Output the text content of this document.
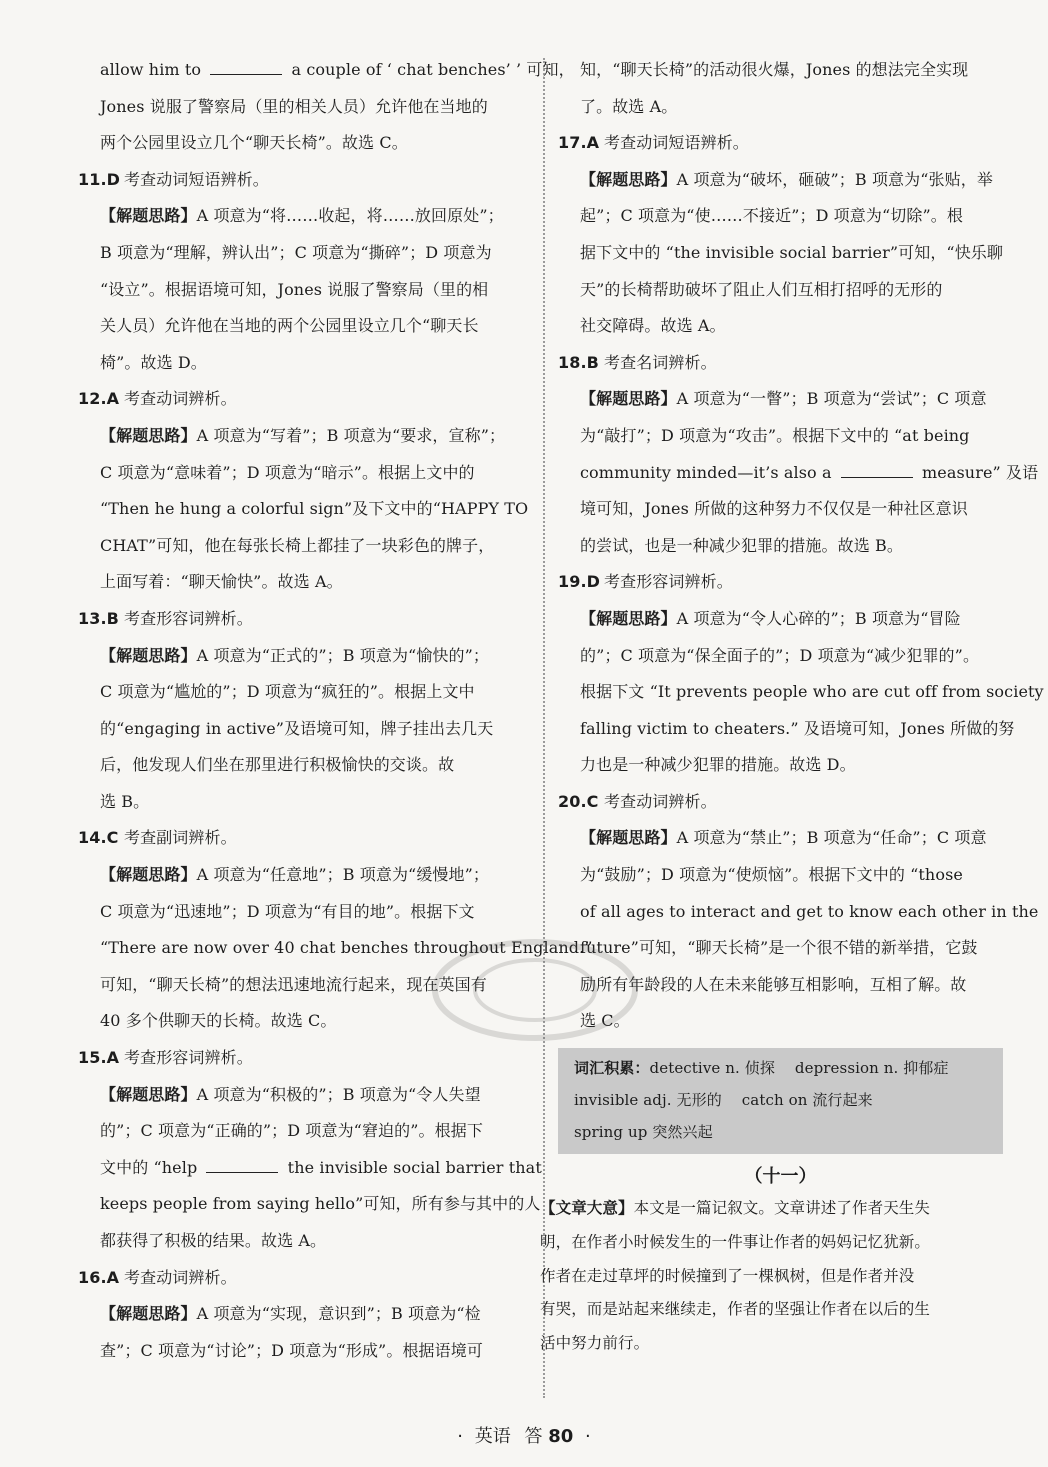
allow him to	a couple of ‘ chat benches’ ’ 可知，
Jones 说服了警察局（里的相关人员）允许他在当地的
两个公园里设立几个“聊天长椅”。故选 C。
11.D 考查动词短语辨析。
【解题思路】A 项意为“将……收起，将……放回原处”；
B 项意为“理解，辨认出”；C 项意为“撕碎”；D 项意为
“设立”。根据语境可知，Jones 说服了警察局（里的相
关人员）允许他在当地的两个公园里设立几个“聊天长
椅”。故选 D。
12.A 考查动词辨析。
【解题思路】A 项意为“写着”；B 项意为“要求，宣称”；
C 项意为“意味着”；D 项意为“暗示”。根据上文中的
“Then he hung a colorful sign”及下文中的“HAPPY TO
CHAT”可知，他在每张长椅上都挂了一块彩色的牌子，
上面写着：“聊天愉快”。故选 A。
13.B 考查形容词辨析。
【解题思路】A 项意为“正式的”；B 项意为“愉快的”；
C 项意为“尴尬的”；D 项意为“疯狂的”。根据上文中
的“engaging in active”及语境可知，牌子挂出去几天
后，他发现人们坐在那里进行积极愉快的交谈。故
选 B。
14.C 考查副词辨析。
【解题思路】A 项意为“任意地”；B 项意为“缓慢地”；
C 项意为“迅速地”；D 项意为“有目的地”。根据下文
“There are now over 40 chat benches throughout England.”
可知，“聊天长椅”的想法迅速地流行起来，现在英国有
40 多个供聊天的长椅。故选 C。
15.A 考查形容词辨析。
【解题思路】A 项意为“积极的”；B 项意为“令人失望
的”；C 项意为“正确的”；D 项意为“窘迫的”。根据下
文中的 “help	the invisible social barrier that
keeps people from saying hello”可知，所有参与其中的人
都获得了积极的结果。故选 A。
16.A 考查动词辨析。
【解题思路】A 项意为“实现，意识到”；B 项意为“检
查”；C 项意为“讨论”；D 项意为“形成”。根据语境可
知，“聊天长椅”的活动很火爆，Jones 的想法完全实现
了。故选 A。
17.A 考查动词短语辨析。
【解题思路】A 项意为“破坏，砸破”；B 项意为“张贴，举
起”；C 项意为“使……不接近”；D 项意为“切除”。根
据下文中的 “the invisible social barrier”可知，“快乐聊
天”的长椅帮助破坏了阻止人们互相打招呼的无形的
社交障碍。故选 A。
18.B 考查名词辨析。
【解题思路】A 项意为“一瞥”；B 项意为“尝试”；C 项意
为“敲打”；D 项意为“攻击”。根据下文中的 “at being
community minded—it’s also a	measure” 及语
境可知，Jones 所做的这种努力不仅仅是一种社区意识
的尝试，也是一种减少犯罪的措施。故选 B。
19.D 考查形容词辨析。
【解题思路】A 项意为“令人心碎的”；B 项意为“冒险
的”；C 项意为“保全面子的”；D 项意为“减少犯罪的”。
根据下文 “It prevents people who are cut off from society
falling victim to cheaters.” 及语境可知，Jones 所做的努
力也是一种减少犯罪的措施。故选 D。
20.C 考查动词辨析。
【解题思路】A 项意为“禁止”；B 项意为“任命”；C 项意
为“鼓励”；D 项意为“使烦恼”。根据下文中的 “those
of all ages to interact and get to know each other in the
future”可知，“聊天长椅”是一个很不错的新举措，它鼓
励所有年龄段的人在未来能够互相影响，互相了解。故
选 C。
词汇积累：detective n. 侦探　 depression n. 抑郁症
invisible adj. 无形的　 catch on 流行起来
spring up 突然兴起
（十一）
【文章大意】本文是一篇记叙文。文章讲述了作者天生失
明，在作者小时候发生的一件事让作者的妈妈记忆犹新。
作者在走过草坪的时候撞到了一棵枫树，但是作者并没
有哭，而是站起来继续走，作者的坚强让作者在以后的生
活中努力前行。
· 英语 答 80 ·
